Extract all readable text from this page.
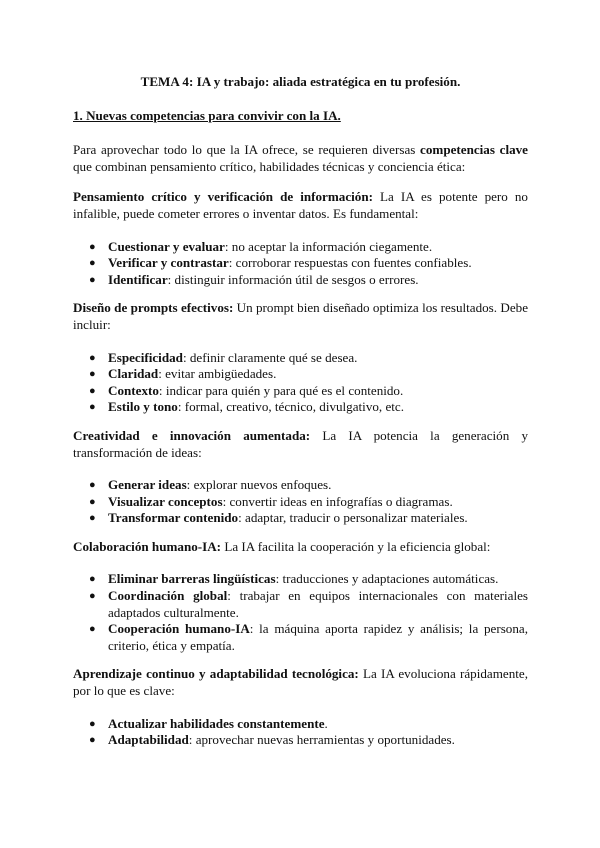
TEMA 4: IA y trabajo: aliada estratégica en tu profesión.
1. Nuevas competencias para convivir con la IA.

Para aprovechar todo lo que la IA ofrece, se requieren diversas competencias clave que combinan pensamiento crítico, habilidades técnicas y conciencia ética:

Pensamiento crítico y verificación de información: La IA es potente pero no infalible, puede cometer errores o inventar datos. Es fundamental:

● Cuestionar y evaluar: no aceptar la información ciegamente.
● Verificar y contrastar: corroborar respuestas con fuentes confiables.
● Identificar: distinguir información útil de sesgos o errores.

Diseño de prompts efectivos: Un prompt bien diseñado optimiza los resultados. Debe incluir:

● Especificidad: definir claramente qué se desea.
● Claridad: evitar ambigüedades.
● Contexto: indicar para quién y para qué es el contenido.
● Estilo y tono: formal, creativo, técnico, divulgativo, etc.

Creatividad e innovación aumentada: La IA potencia la generación y transformación de ideas:

● Generar ideas: explorar nuevos enfoques.
● Visualizar conceptos: convertir ideas en infografías o diagramas.
● Transformar contenido: adaptar, traducir o personalizar materiales.

Colaboración humano-IA: La IA facilita la cooperación y la eficiencia global:

● Eliminar barreras lingüísticas: traducciones y adaptaciones automáticas.
● Coordinación global: trabajar en equipos internacionales con materiales adaptados culturalmente.
● Cooperación humano-IA: la máquina aporta rapidez y análisis; la persona, criterio, ética y empatía.

Aprendizaje continuo y adaptabilidad tecnológica: La IA evoluciona rápidamente, por lo que es clave:

● Actualizar habilidades constantemente.
● Adaptabilidad: aprovechar nuevas herramientas y oportunidades.
